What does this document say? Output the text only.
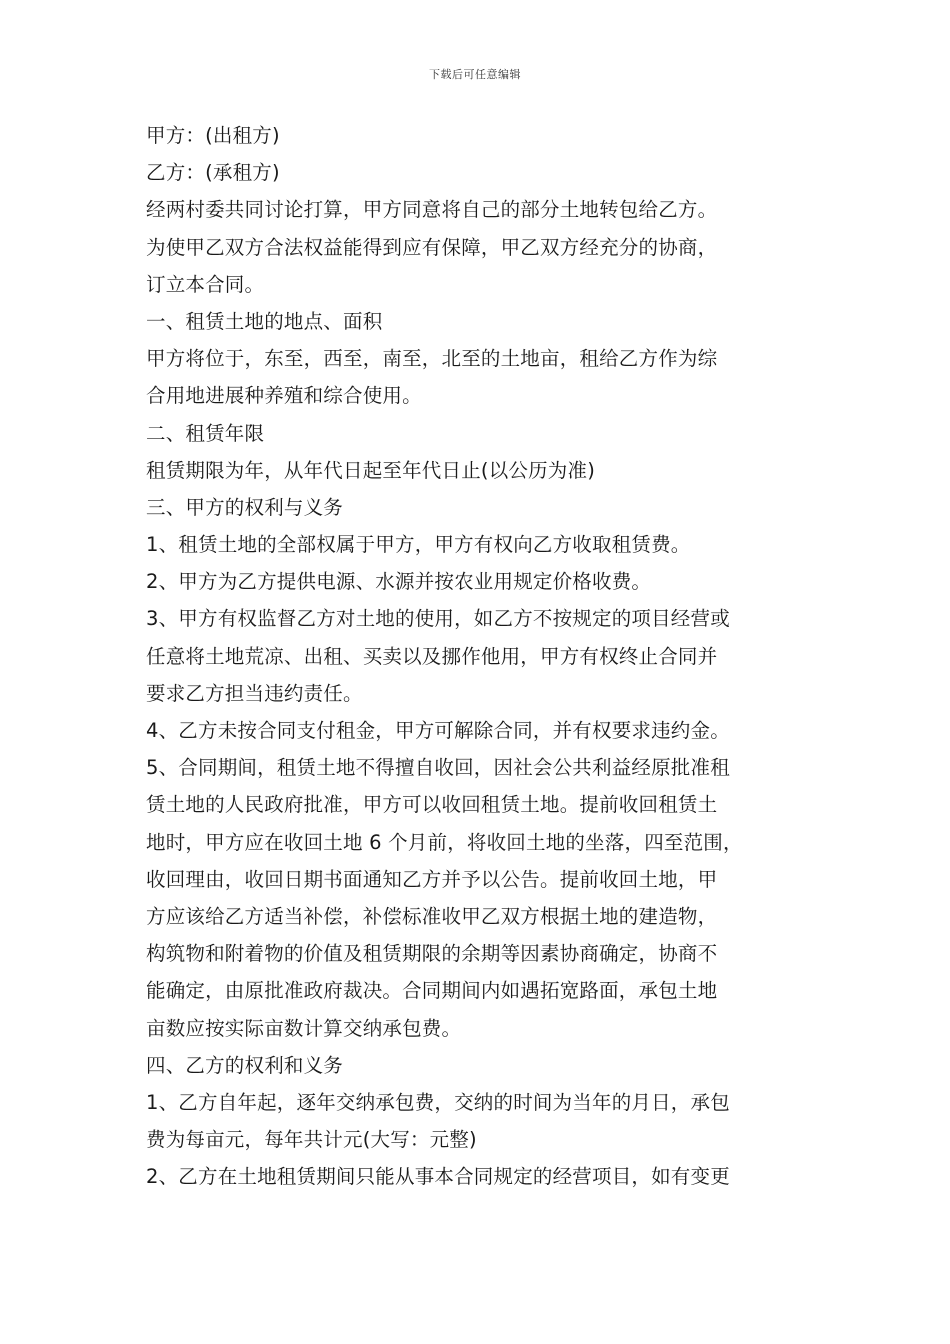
下载后可任意编辑
甲方：(出租方)
乙方：(承租方)
经两村委共同讨论打算，甲方同意将自己的部分土地转包给乙方。
为使甲乙双方合法权益能得到应有保障，甲乙双方经充分的协商，
订立本合同。
一、租赁土地的地点、面积
甲方将位于，东至，西至，南至，北至的土地亩，租给乙方作为综
合用地进展种养殖和综合使用。
二、租赁年限
租赁期限为年，从年代日起至年代日止(以公历为准)
三、甲方的权利与义务
1、租赁土地的全部权属于甲方，甲方有权向乙方收取租赁费。
2、甲方为乙方提供电源、水源并按农业用规定价格收费。
3、甲方有权监督乙方对土地的使用，如乙方不按规定的项目经营或
任意将土地荒凉、出租、买卖以及挪作他用，甲方有权终止合同并
要求乙方担当违约责任。
4、乙方未按合同支付租金，甲方可解除合同，并有权要求违约金。
5、合同期间，租赁土地不得擅自收回，因社会公共利益经原批准租
赁土地的人民政府批准，甲方可以收回租赁土地。提前收回租赁土
地时，甲方应在收回土地 6 个月前，将收回土地的坐落，四至范围，
收回理由，收回日期书面通知乙方并予以公告。提前收回土地，甲
方应该给乙方适当补偿，补偿标准收甲乙双方根据土地的建造物，
构筑物和附着物的价值及租赁期限的余期等因素协商确定，协商不
能确定，由原批准政府裁决。合同期间内如遇拓宽路面，承包土地
亩数应按实际亩数计算交纳承包费。
四、乙方的权利和义务
1、乙方自年起，逐年交纳承包费，交纳的时间为当年的月日，承包
费为每亩元，每年共计元(大写：元整)
2、乙方在土地租赁期间只能从事本合同规定的经营项目，如有变更
